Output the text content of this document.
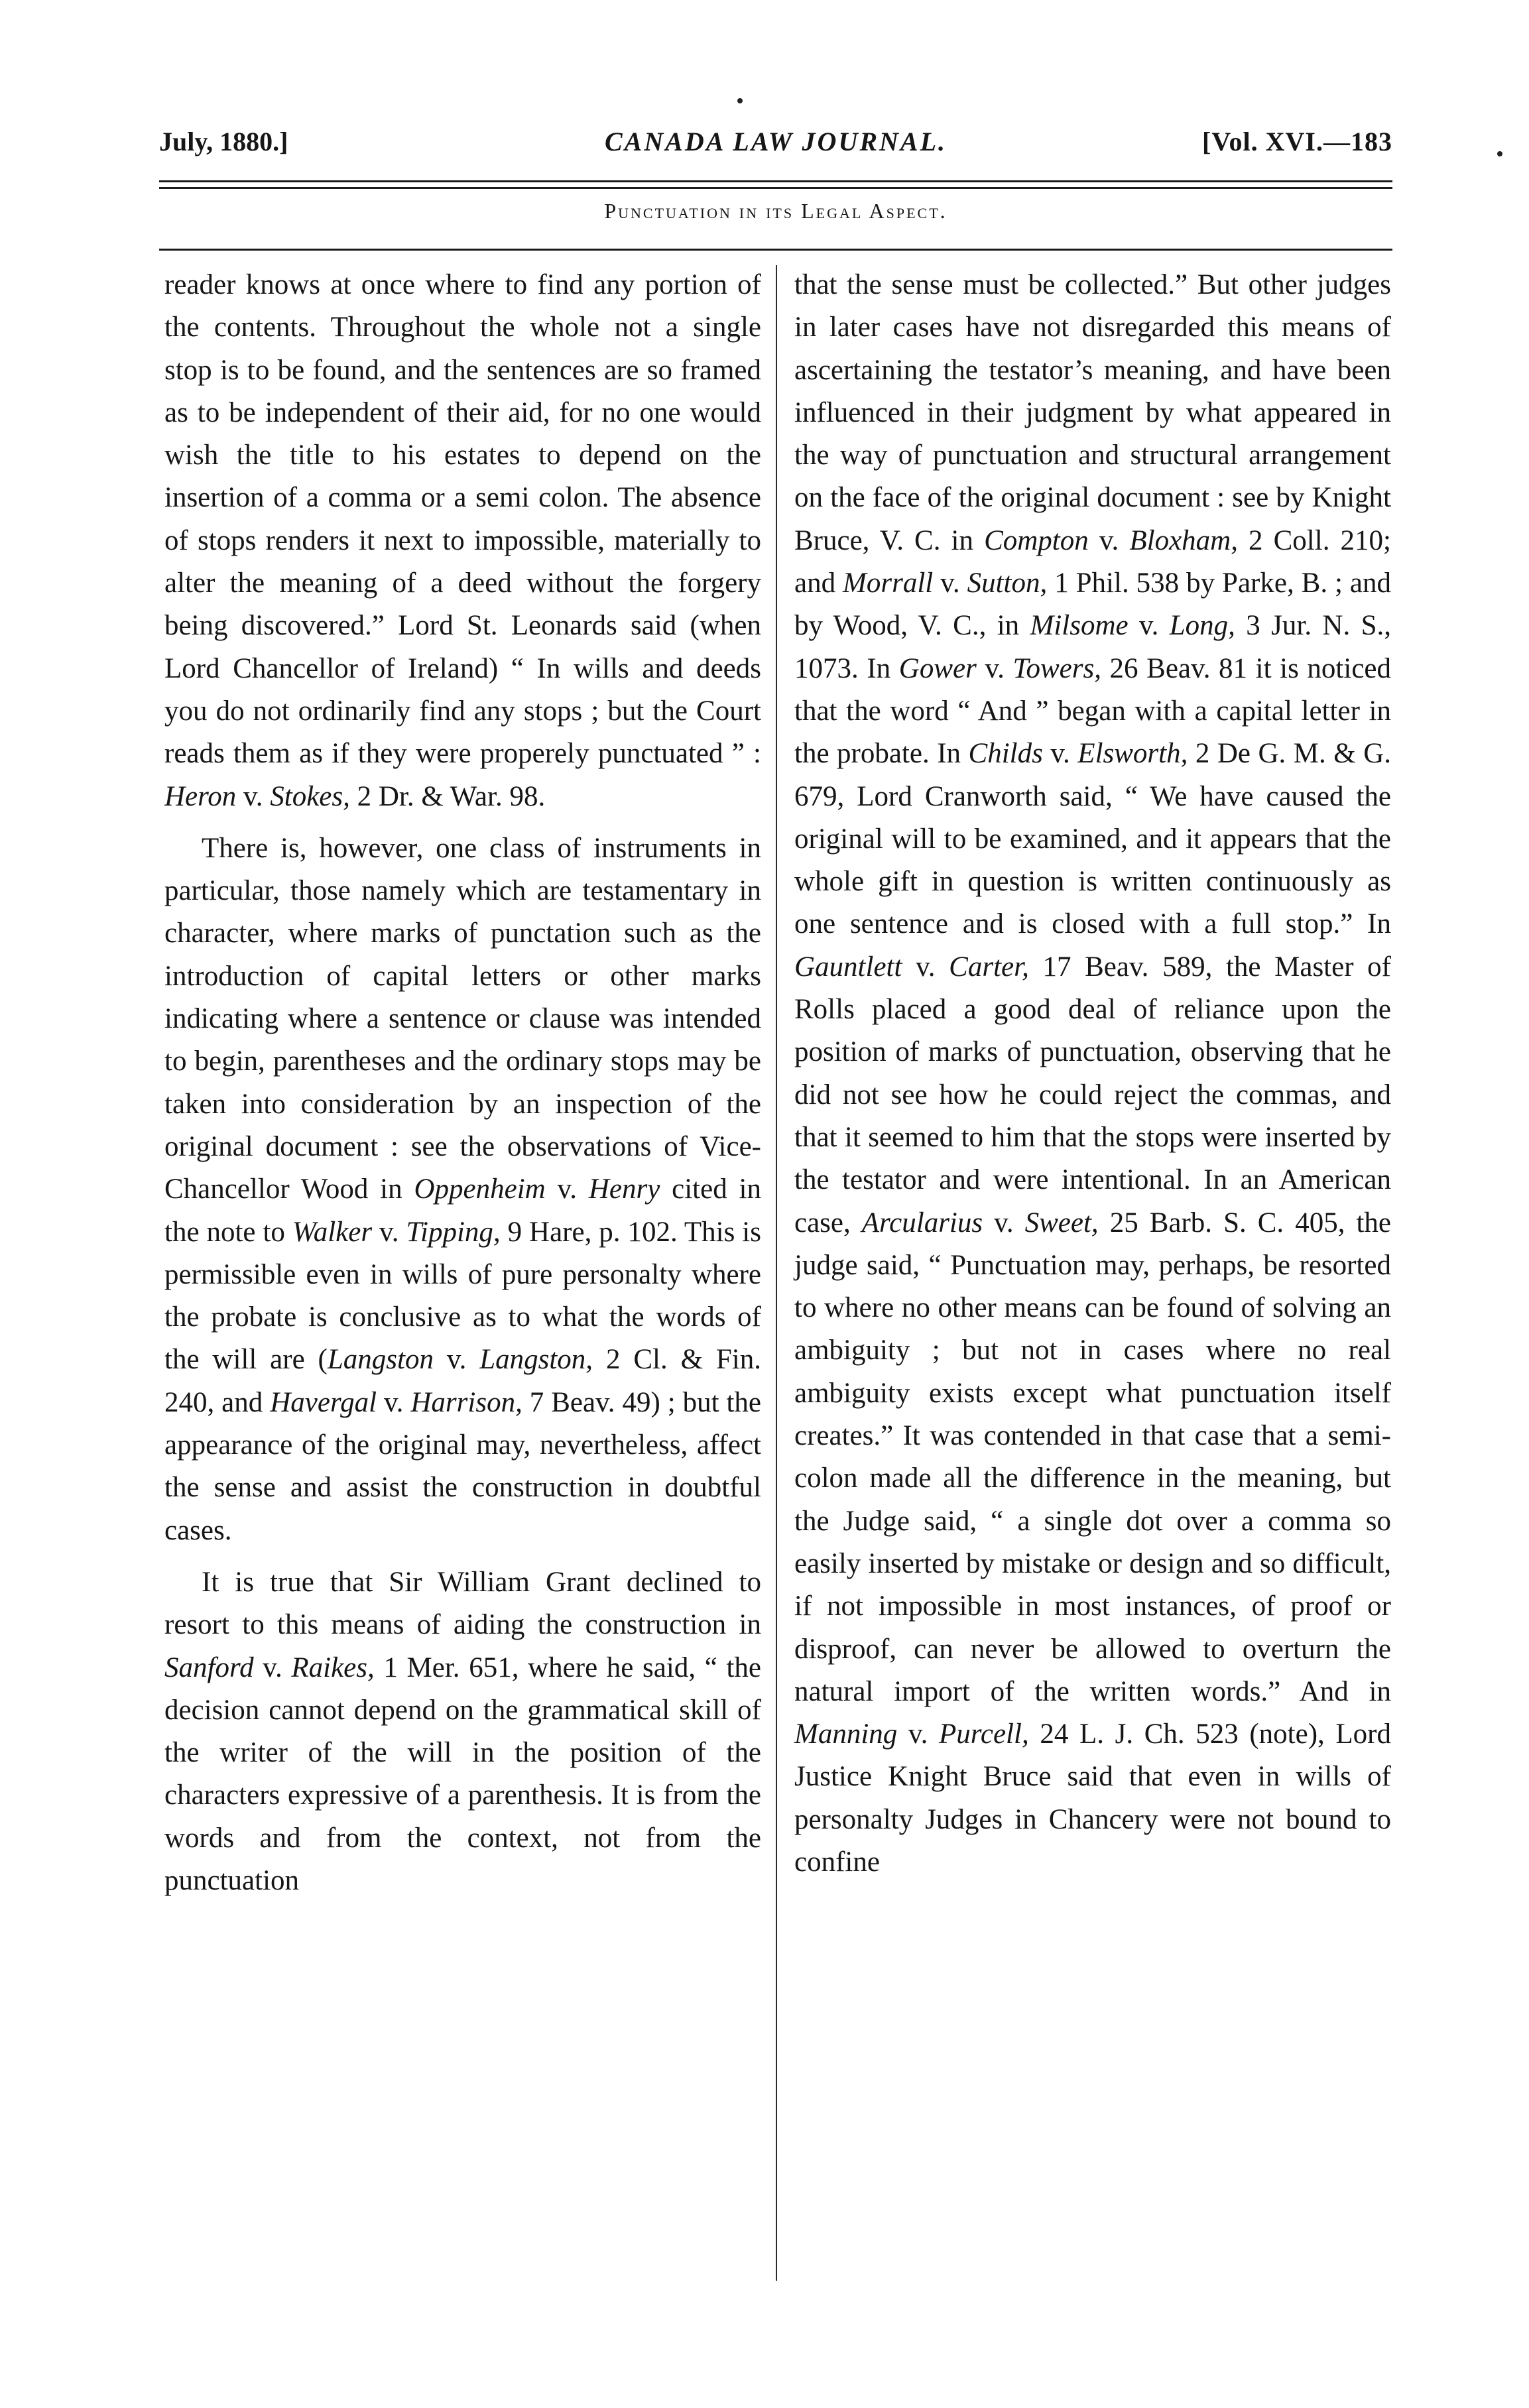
July, 1880.]	CANADA LAW JOURNAL.	[Vol. XVI.—183
Punctuation in its Legal Aspect.

reader knows at once where to find any portion of the contents. Throughout the whole not a single stop is to be found, and the sentences are so framed as to be independent of their aid, for no one would wish the title to his estates to depend on the insertion of a comma or a semi colon. The absence of stops renders it next to impossible, materially to alter the meaning of a deed without the forgery being discovered.” Lord St. Leonards said (when Lord Chancellor of Ireland) “ In wills and deeds you do not ordinarily find any stops ; but the Court reads them as if they were properely punctuated ” : Heron v. Stokes, 2 Dr. & War. 98.

There is, however, one class of instruments in particular, those namely which are testamentary in character, where marks of punctation such as the introduction of capital letters or other marks indicating where a sentence or clause was intended to begin, parentheses and the ordinary stops may be taken into consideration by an inspection of the original document : see the observations of Vice-Chancellor Wood in Oppenheim v. Henry cited in the note to Walker v. Tipping, 9 Hare, p. 102. This is permissible even in wills of pure personalty where the probate is conclusive as to what the words of the will are (Langston v. Langston, 2 Cl. & Fin. 240, and Havergal v. Harrison, 7 Beav. 49) ; but the appearance of the original may, nevertheless, affect the sense and assist the construction in doubtful cases.

It is true that Sir William Grant declined to resort to this means of aiding the construction in Sanford v. Raikes, 1 Mer. 651, where he said, “ the decision cannot depend on the grammatical skill of the writer of the will in the position of the characters expressive of a parenthesis. It is from the words and from the context, not from the punctuation

that the sense must be collected.” But other judges in later cases have not disregarded this means of ascertaining the testator’s meaning, and have been influenced in their judgment by what appeared in the way of punctuation and structural arrangement on the face of the original document : see by Knight Bruce, V. C. in Compton v. Bloxham, 2 Coll. 210; and Morrall v. Sutton, 1 Phil. 538 by Parke, B. ; and by Wood, V. C., in Milsome v. Long, 3 Jur. N. S., 1073. In Gower v. Towers, 26 Beav. 81 it is noticed that the word “ And ” began with a capital letter in the probate. In Childs v. Elsworth, 2 De G. M. & G. 679, Lord Cranworth said, “ We have caused the original will to be examined, and it appears that the whole gift in question is written continuously as one sentence and is closed with a full stop.” In Gauntlett v. Carter, 17 Beav. 589, the Master of Rolls placed a good deal of reliance upon the position of marks of punctuation, observing that he did not see how he could reject the commas, and that it seemed to him that the stops were inserted by the testator and were intentional. In an American case, Arcularius v. Sweet, 25 Barb. S. C. 405, the judge said, “ Punctuation may, perhaps, be resorted to where no other means can be found of solving an ambiguity ; but not in cases where no real ambiguity exists except what punctuation itself creates.” It was contended in that case that a semi-colon made all the difference in the meaning, but the Judge said, “ a single dot over a comma so easily inserted by mistake or design and so difficult, if not impossible in most instances, of proof or disproof, can never be allowed to overturn the natural import of the written words.” And in Manning v. Purcell, 24 L. J. Ch. 523 (note), Lord Justice Knight Bruce said that even in wills of personalty Judges in Chancery were not bound to confine
